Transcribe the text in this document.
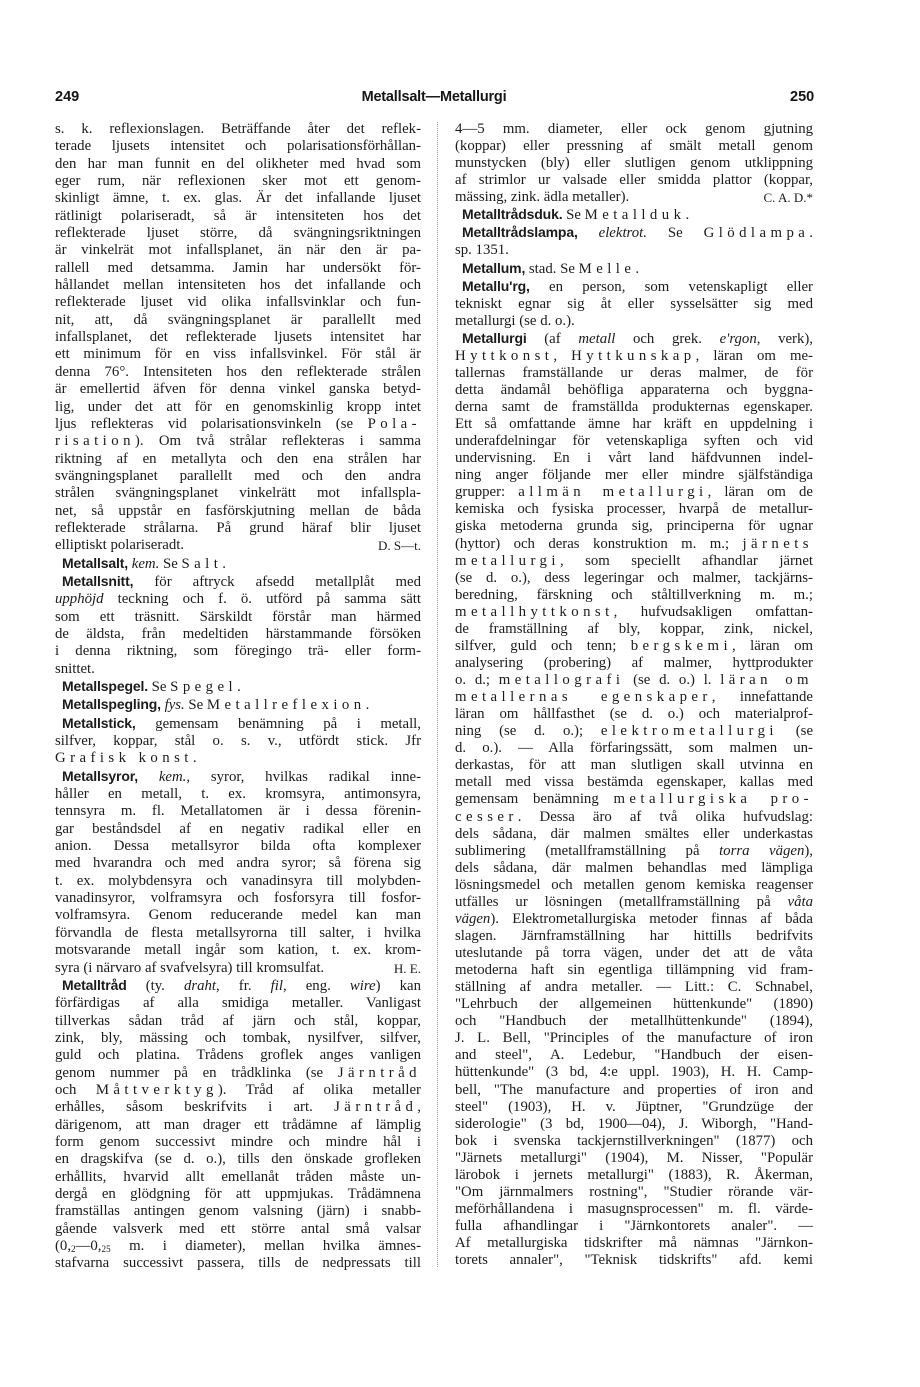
249	Metallsalt—Metallurgi	250
s. k. reflexionslagen. Beträffande åter det reflek-
terade ljusets intensitet och polarisationsförhållan-
den har man funnit en del olikheter med hvad som
eger rum, när reflexionen sker mot ett genom-
skinligt ämne, t. ex. glas. Är det infallande ljuset
rätlinigt polariseradt, så är intensiteten hos det
reflekterade ljuset större, då svängningsriktningen
är vinkelrät mot infallsplanet, än när den är pa-
rallell med detsamma. Jamin har undersökt för-
hållandet mellan intensiteten hos det infallande och
reflekterade ljuset vid olika infallsvinklar och fun-
nit, att, då svängningsplanet är parallellt med
infallsplanet, det reflekterade ljusets intensitet har
ett minimum för en viss infallsvinkel. För stål är
denna 76°. Intensiteten hos den reflekterade strålen
är emellertid äfven för denna vinkel ganska betyd-
lig, under det att för en genomskinlig kropp intet
ljus reflekteras vid polarisationsvinkeln (se Pola-
risation). Om två strålar reflekteras i samma
riktning af en metallyta och den ena strålen har
svängningsplanet parallellt med och den andra
strålen svängningsplanet vinkelrätt mot infallspla-
net, så uppstår en fasförskjutning mellan de båda
reflekterade strålarna. På grund häraf blir ljuset
D. S—t.
elliptiskt polariseradt.
Metallsalt, kem. Se Salt.
Metallsnitt, för aftryck afsedd metallplåt med
upphöjd teckning och f. ö. utförd på samma sätt
som ett träsnitt. Särskildt förstår man härmed
de äldsta, från medeltiden härstammande försöken
i denna riktning, som föregingo trä- eller form-
snittet.
Metallspegel. Se Spegel.
Metallspegling, fys. Se Metallreflexion.
Metallstick, gemensam benämning på i metall,
silfver, koppar, stål o. s. v., utfördt stick. Jfr
Grafisk konst.
Metallsyror, kem., syror, hvilkas radikal inne-
håller en metall, t. ex. kromsyra, antimonsyra,
tennsyra m. fl. Metallatomen är i dessa förenin-
gar beståndsdel af en negativ radikal eller en
anion. Dessa metallsyror bilda ofta komplexer
med hvarandra och med andra syror; så förena sig
t. ex. molybdensyra och vanadinsyra till molybden-
vanadinsyror, volframsyra och fosforsyra till fosfor-
volframsyra. Genom reducerande medel kan man
förvandla de flesta metallsyrorna till salter, i hvilka
motsvarande metall ingår som kation, t. ex. krom-
H. E.
syra (i närvaro af svafvelsyra) till kromsulfat.
Metalltråd (ty. draht, fr. fil, eng. wire) kan
förfärdigas af alla smidiga metaller. Vanligast
tillverkas sådan tråd af järn och stål, koppar,
zink, bly, mässing och tombak, nysilfver, silfver,
guld och platina. Trådens groflek anges vanligen
genom nummer på en trådklinka (se Järntråd
och Måttverktyg). Tråd af olika metaller
erhålles, såsom beskrifvits i art. Järntråd,
därigenom, att man drager ett trådämne af lämplig
form genom successivt mindre och mindre hål i
en dragskifva (se d. o.), tills den önskade grofleken
erhållits, hvarvid allt emellanåt tråden måste un-
dergå en glödgning för att uppmjukas. Trådämnena
framställas antingen genom valsning (järn) i snabb-
gående valsverk med ett större antal små valsar
(0,2—0,25 m. i diameter), mellan hvilka ämnes-
stafvarna successivt passera, tills de nedpressats till
4—5 mm. diameter, eller ock genom gjutning
(koppar) eller pressning af smält metall genom
munstycken (bly) eller slutligen genom utklippning
af strimlor ur valsade eller smidda plattor (koppar,
C. A. D.*
mässing, zink. ädla metaller).
Metalltrådsduk. Se Metallduk.
Metalltrådslampa, elektrot. Se Glödlampa.
sp. 1351.
Metallum, stad. Se Melle.
Metallu'rg, en person, som vetenskapligt eller
tekniskt egnar sig åt eller sysselsätter sig med
metallurgi (se d. o.).
Metallurgi (af metall och grek. e'rgon, verk),
Hyttkonst, Hyttkunskap, läran om me-
tallernas framställande ur deras malmer, de för
detta ändamål behöfliga apparaterna och byggna-
derna samt de framställda produkternas egenskaper.
Ett så omfattande ämne har kräft en uppdelning i
underafdelningar för vetenskapliga syften och vid
undervisning. En i vårt land häfdvunnen indel-
ning anger följande mer eller mindre själfständiga
grupper: allmän metallurgi, läran om de
kemiska och fysiska processer, hvarpå de metallur-
giska metoderna grunda sig, principerna för ugnar
(hyttor) och deras konstruktion m. m.; järnets
metallurgi, som speciellt afhandlar järnet
(se d. o.), dess legeringar och malmer, tackjärns-
beredning, färskning och ståltillverkning m. m.;
metallhyttkonst, hufvudsakligen omfattan-
de framställning af bly, koppar, zink, nickel,
silfver, guld och tenn; bergskemi, läran om
analysering (probering) af malmer, hyttprodukter
o. d.; metallografi (se d. o.) l. läran om
metallernas egenskaper, innefattande
läran om hållfasthet (se d. o.) och materialprof-
ning (se d. o.); elektrometallurgi (se
d. o.). — Alla förfaringssätt, som malmen un-
derkastas, för att man slutligen skall utvinna en
metall med vissa bestämda egenskaper, kallas med
gemensam benämning metallurgiska pro-
cesser. Dessa äro af två olika hufvudslag:
dels sådana, där malmen smältes eller underkastas
sublimering (metallframställning på torra vägen),
dels sådana, där malmen behandlas med lämpliga
lösningsmedel och metallen genom kemiska reagenser
utfälles ur lösningen (metallframställning på våta
vägen). Elektrometallurgiska metoder finnas af båda
slagen. Järnframställning har hittills bedrifvits
uteslutande på torra vägen, under det att de våta
metoderna haft sin egentliga tillämpning vid fram-
ställning af andra metaller. — Litt.: C. Schnabel,
"Lehrbuch der allgemeinen hüttenkunde" (1890)
och "Handbuch der metallhüttenkunde" (1894),
J. L. Bell, "Principles of the manufacture of iron
and steel", A. Ledebur, "Handbuch der eisen-
hüttenkunde" (3 bd, 4:e uppl. 1903), H. H. Camp-
bell, "The manufacture and properties of iron and
steel" (1903), H. v. Jüptner, "Grundzüge der
siderologie" (3 bd, 1900—04), J. Wiborgh, "Hand-
bok i svenska tackjernstillverkningen" (1877) och
"Järnets metallurgi" (1904), M. Nisser, "Populär
lärobok i jernets metallurgi" (1883), R. Åkerman,
"Om järnmalmers rostning", "Studier rörande vär-
meförhållandena i masugnsprocessen" m. fl. värde-
fulla afhandlingar i "Järnkontorets analer". —
Af metallurgiska tidskrifter må nämnas "Järnkon-
torets annaler", "Teknisk tidskrifts" afd. kemi
